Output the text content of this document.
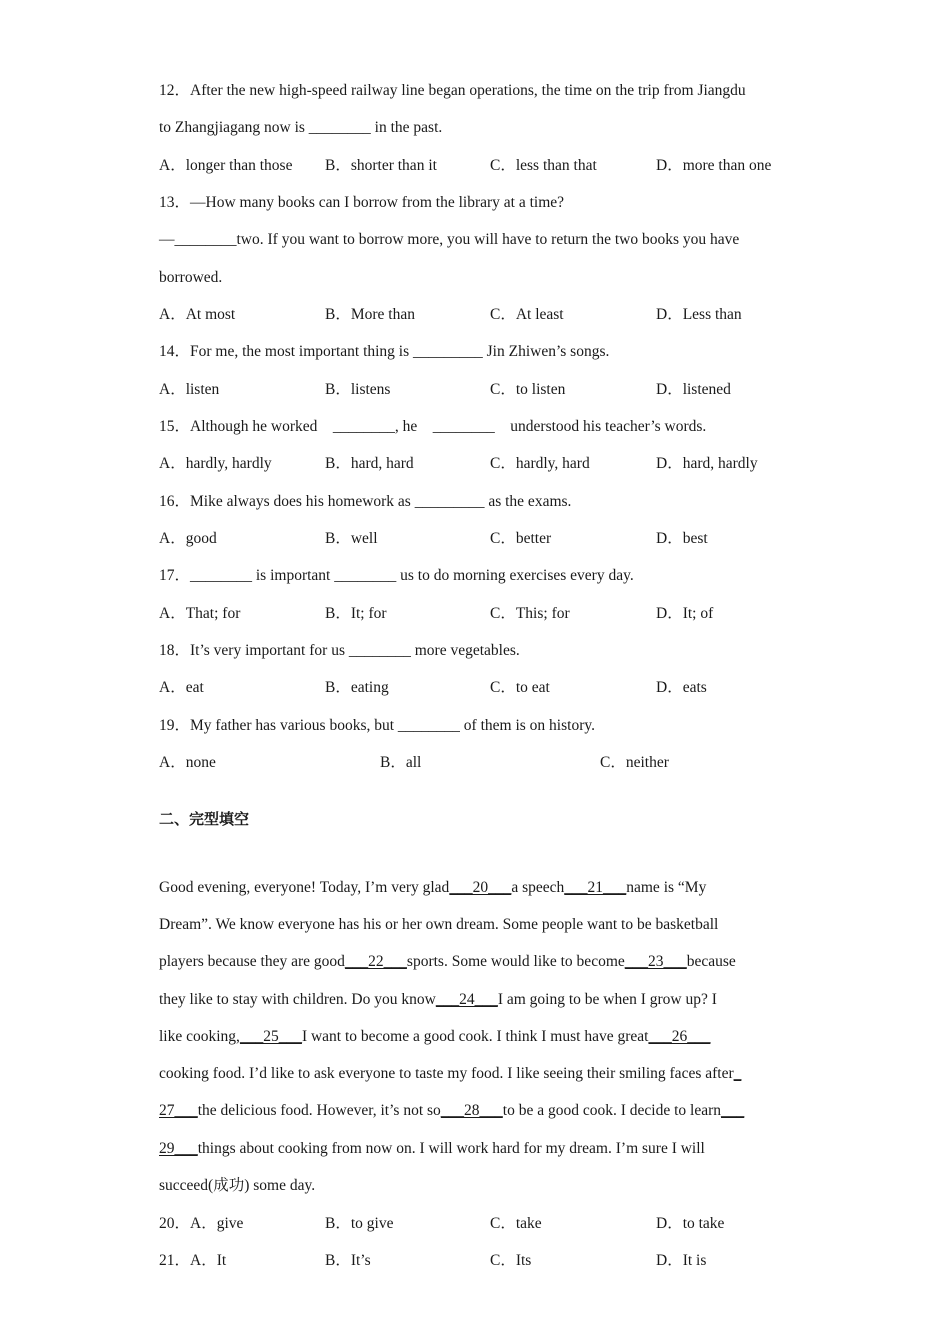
12．After the new high-speed railway line began operations, the time on the trip from Jiangdu
to Zhangjiagang now is ________ in the past.
A．longer than those B．shorter than it	C．less than that	D．more than one
13．—How many books can I borrow from the library at a time?
—________two. If you want to borrow more, you will have to return the two books you have
borrowed.
A．At most	B．More than	C．At least	D．Less than
14．For me, the most important thing is _________ Jin Zhiwen’s songs.
A．listen	B．listens	C．to listen	D．listened
15．Although he worked    ________, he    ________    understood his teacher’s words.
A．hardly, hardly	B．hard, hard	C．hardly, hard	D．hard, hardly
16．Mike always does his homework as _________ as the exams.
A．good	B．well	C．better	D．best
17．________ is important ________ us to do morning exercises every day.
A．That; for	B．It; for	C．This; for	D．It; of
18．It’s very important for us ________ more vegetables.
A．eat	B．eating	C．to eat	D．eats
19．My father has various books, but ________ of them is on history.
A．none	B．all	C．neither
二、完型填空
Good evening, everyone! Today, I’m very glad___20___a speech___21___name is “My
Dream”. We know everyone has his or her own dream. Some people want to be basketball
players because they are good___22___sports. Some would like to become___23___because
they like to stay with children. Do you know___24___I am going to be when I grow up? I
like cooking,___25___I want to become a good cook. I think I must have great___26___
cooking food. I’d like to ask everyone to taste my food. I like seeing their smiling faces after_
27___the delicious food. However, it’s not so___28___to be a good cook. I decide to learn___
29___things about cooking from now on. I will work hard for my dream. I’m sure I will
succeed(成功) some day.
20．A．give	B．to give	C．take	D．to take
21．A．It	B．It’s	C．Its	D．It is
